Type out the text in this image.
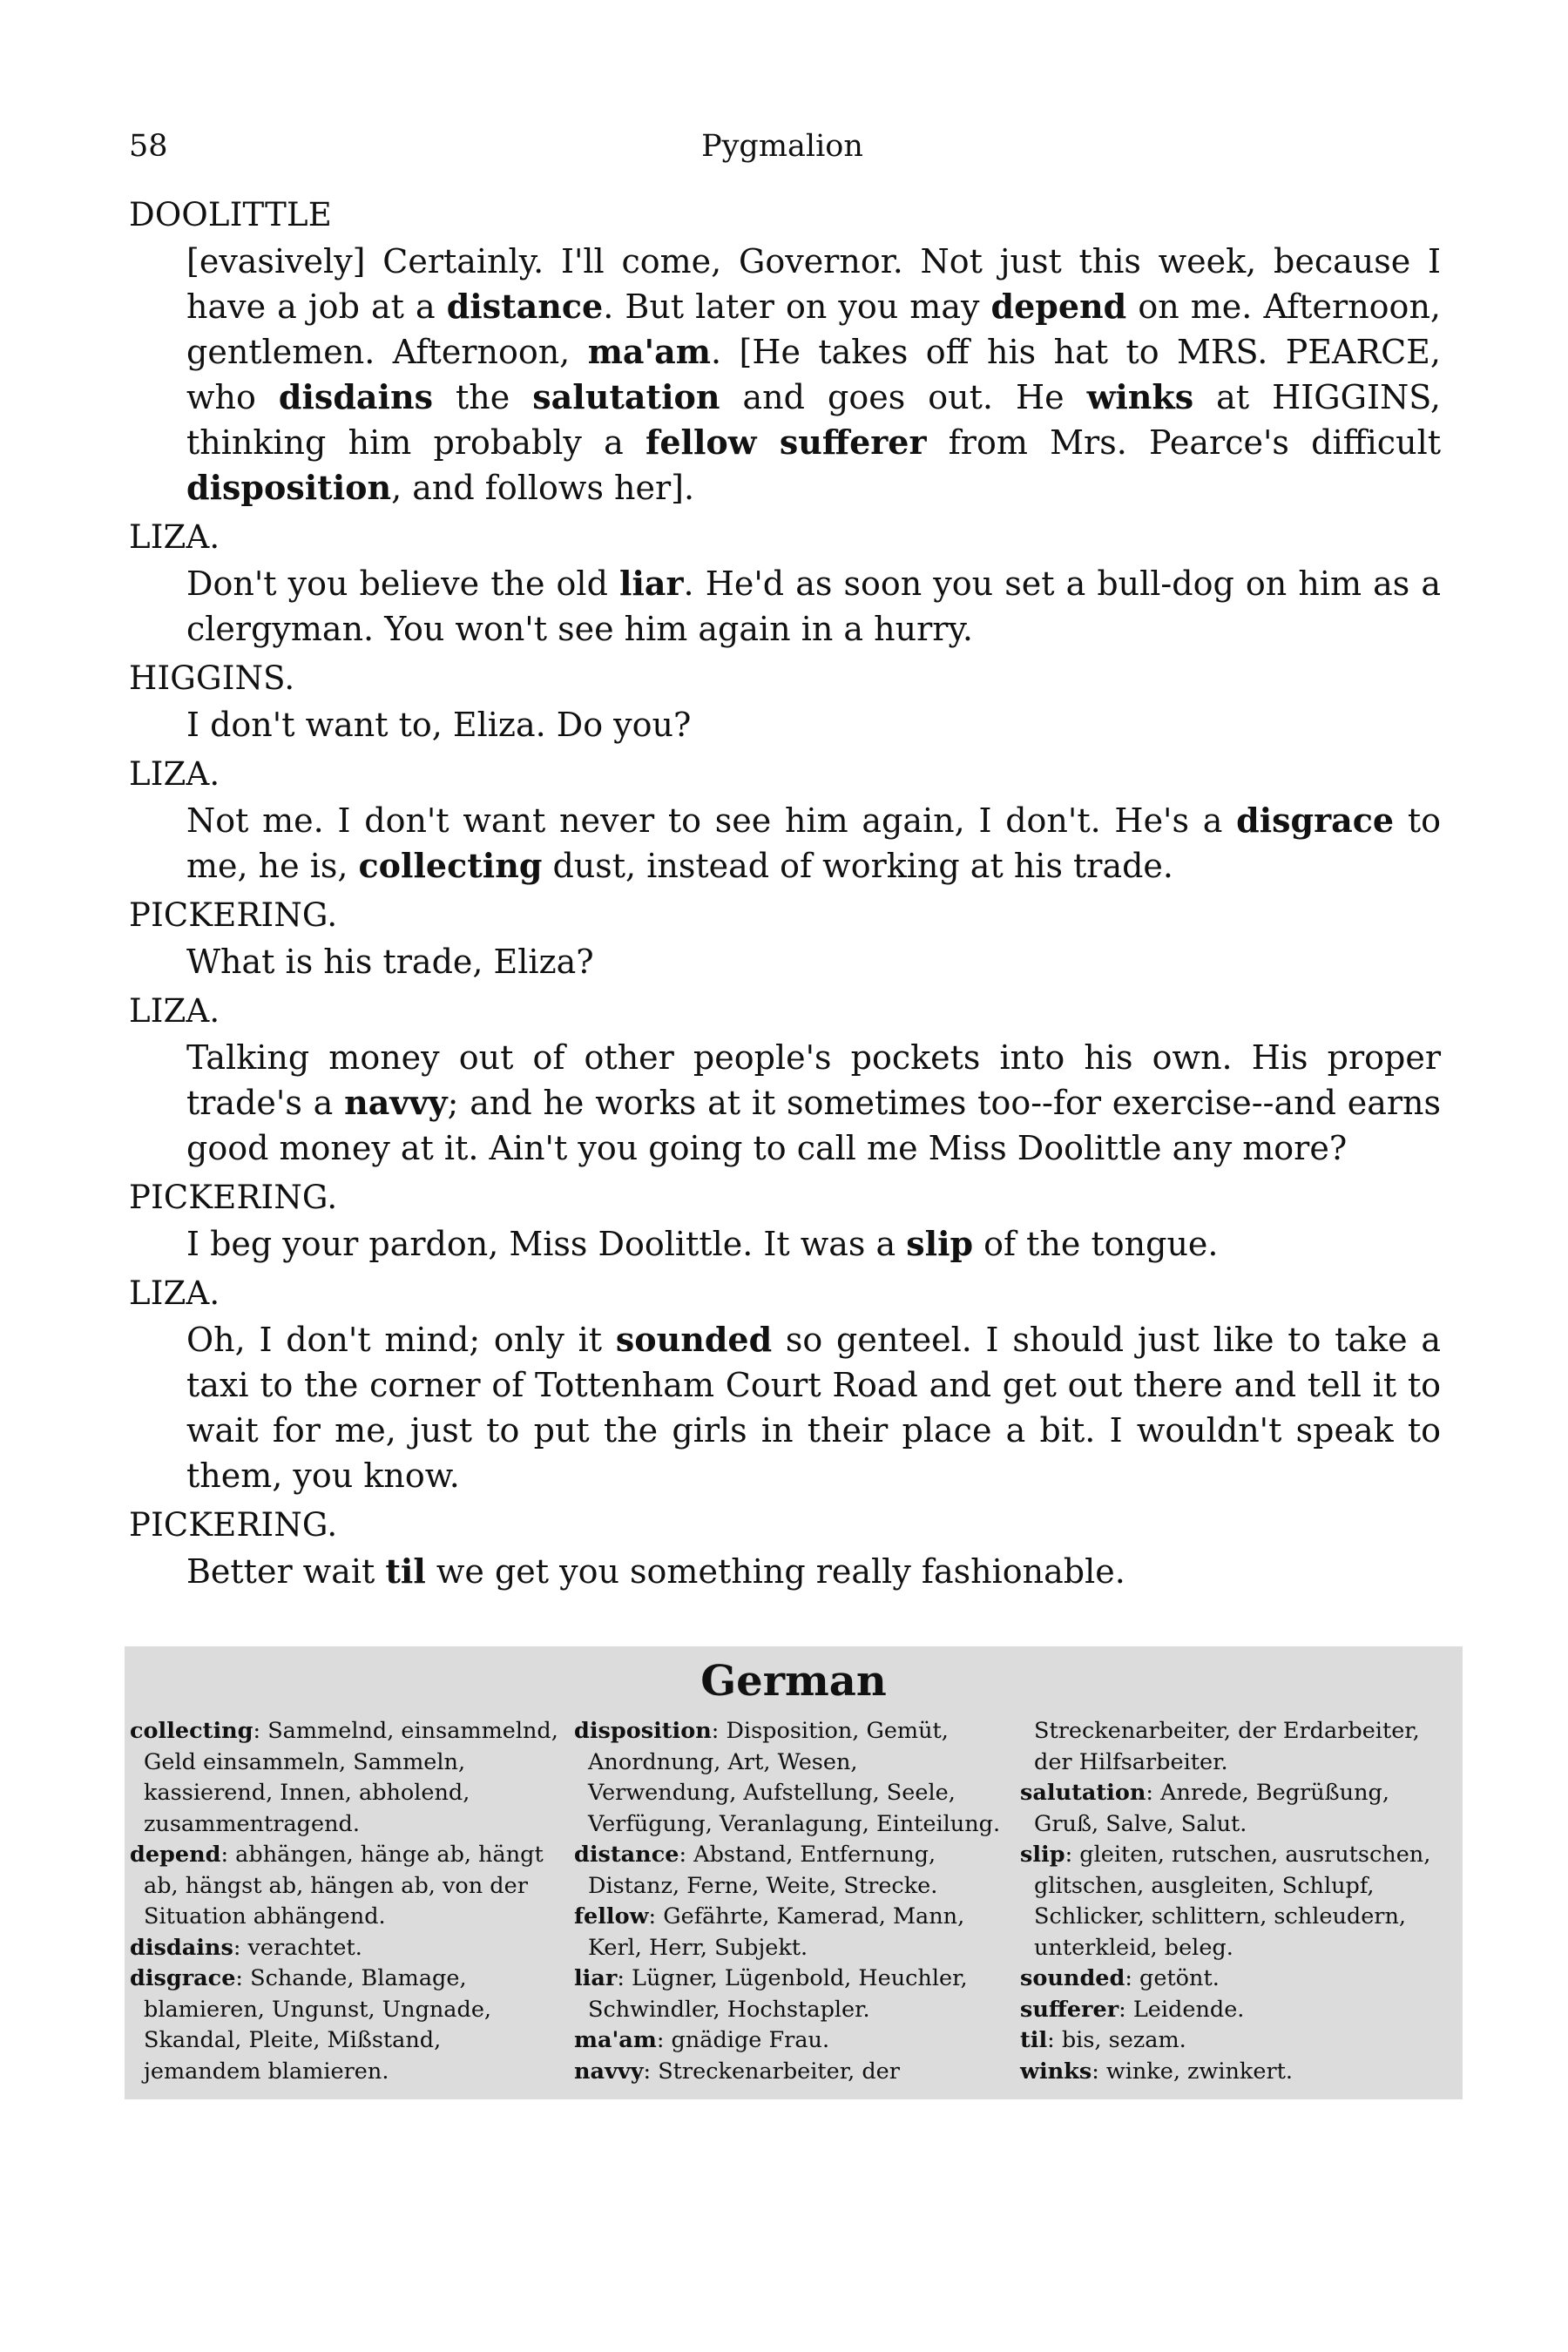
58	Pygmalion

DOOLITTLE

[evasively] Certainly. I'll come, Governor. Not just this week, because I have a job at a distance. But later on you may depend on me. Afternoon, gentlemen. Afternoon, ma'am. [He takes off his hat to MRS. PEARCE, who disdains the salutation and goes out. He winks at HIGGINS, thinking him probably a fellow sufferer from Mrs. Pearce's difficult disposition, and follows her].

LIZA.

Don't you believe the old liar. He'd as soon you set a bull-dog on him as a clergyman. You won't see him again in a hurry.

HIGGINS.

I don't want to, Eliza. Do you?

LIZA.

Not me. I don't want never to see him again, I don't. He's a disgrace to me, he is, collecting dust, instead of working at his trade.

PICKERING.

What is his trade, Eliza?

LIZA.

Talking money out of other people's pockets into his own. His proper trade's a navvy; and he works at it sometimes too--for exercise--and earns good money at it. Ain't you going to call me Miss Doolittle any more?

PICKERING.

I beg your pardon, Miss Doolittle. It was a slip of the tongue.

LIZA.

Oh, I don't mind; only it sounded so genteel. I should just like to take a taxi to the corner of Tottenham Court Road and get out there and tell it to wait for me, just to put the girls in their place a bit. I wouldn't speak to them, you know.

PICKERING.

Better wait til we get you something really fashionable.

German

collecting: Sammelnd, einsammelnd, Geld einsammeln, Sammeln, kassierend, Innen, abholend, zusammentragend.

depend: abhängen, hänge ab, hängt ab, hängst ab, hängen ab, von der Situation abhängend.

disdains: verachtet.

disgrace: Schande, Blamage, blamieren, Ungunst, Ungnade, Skandal, Pleite, Mißstand, jemandem blamieren.

disposition: Disposition, Gemüt, Anordnung, Art, Wesen, Verwendung, Aufstellung, Seele, Verfügung, Veranlagung, Einteilung.

distance: Abstand, Entfernung, Distanz, Ferne, Weite, Strecke.

fellow: Gefährte, Kamerad, Mann, Kerl, Herr, Subjekt.

liar: Lügner, Lügenbold, Heuchler, Schwindler, Hochstapler.

ma'am: gnädige Frau.

navvy: Streckenarbeiter, der

Streckenarbeiter, der Erdarbeiter, der Hilfsarbeiter.

salutation: Anrede, Begrüßung, Gruß, Salve, Salut.

slip: gleiten, rutschen, ausrutschen, glitschen, ausgleiten, Schlupf, Schlicker, schlittern, schleudern, unterkleid, beleg.

sounded: getönt.

sufferer: Leidende.

til: bis, sezam.

winks: winke, zwinkert.
